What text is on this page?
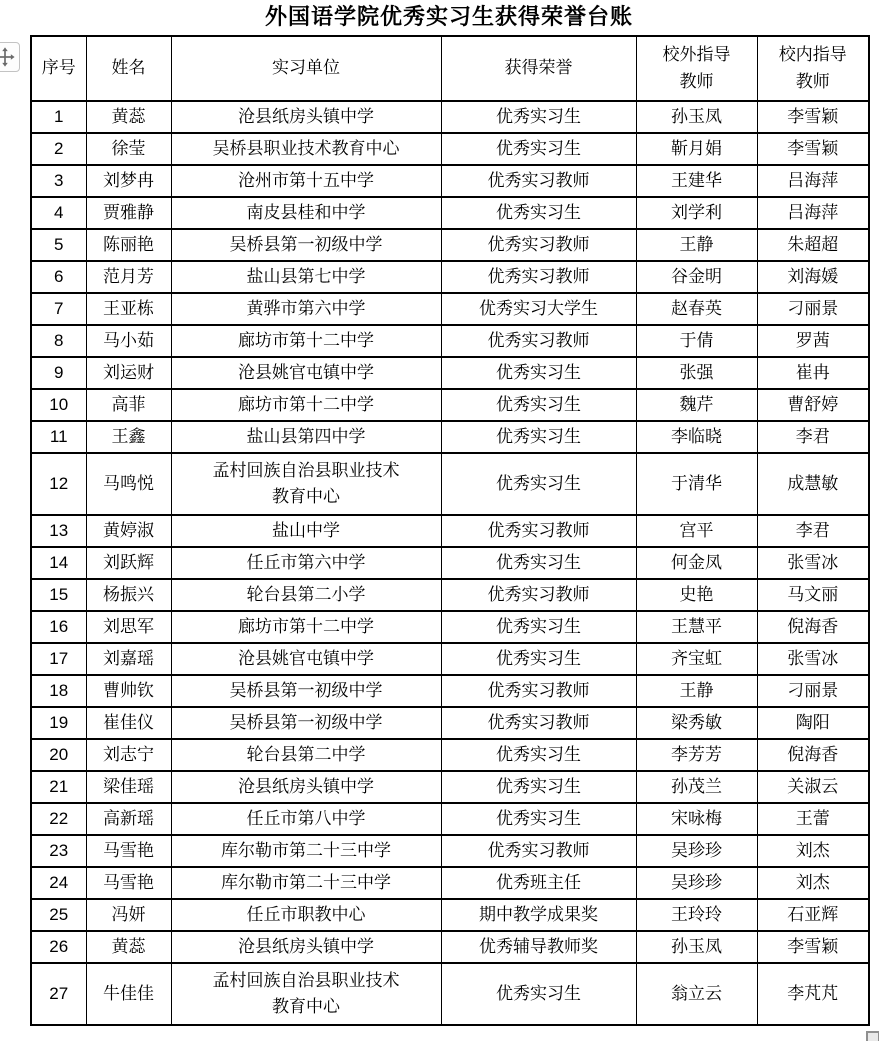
外国语学院优秀实习生获得荣誉台账
序号	姓名	实习单位	获得荣誉	校外指导教师	校内指导教师
1	黄蕊	沧县纸房头镇中学	优秀实习生	孙玉凤	李雪颖
2	徐莹	吴桥县职业技术教育中心	优秀实习生	靳月娟	李雪颖
3	刘梦冉	沧州市第十五中学	优秀实习教师	王建华	吕海萍
4	贾雅静	南皮县桂和中学	优秀实习生	刘学利	吕海萍
5	陈丽艳	吴桥县第一初级中学	优秀实习教师	王静	朱超超
6	范月芳	盐山县第七中学	优秀实习教师	谷金明	刘海媛
7	王亚栋	黄骅市第六中学	优秀实习大学生	赵春英	刁丽景
8	马小茹	廊坊市第十二中学	优秀实习教师	于倩	罗茜
9	刘运财	沧县姚官屯镇中学	优秀实习生	张强	崔冉
10	高菲	廊坊市第十二中学	优秀实习生	魏芹	曹舒婷
11	王鑫	盐山县第四中学	优秀实习生	李临晓	李君
12	马鸣悦	孟村回族自治县职业技术教育中心	优秀实习生	于清华	成慧敏
13	黄婷淑	盐山中学	优秀实习教师	宫平	李君
14	刘跃辉	任丘市第六中学	优秀实习生	何金凤	张雪冰
15	杨振兴	轮台县第二小学	优秀实习教师	史艳	马文丽
16	刘思军	廊坊市第十二中学	优秀实习生	王慧平	倪海香
17	刘嘉瑶	沧县姚官屯镇中学	优秀实习生	齐宝虹	张雪冰
18	曹帅钦	吴桥县第一初级中学	优秀实习教师	王静	刁丽景
19	崔佳仪	吴桥县第一初级中学	优秀实习教师	梁秀敏	陶阳
20	刘志宁	轮台县第二中学	优秀实习生	李芳芳	倪海香
21	梁佳瑶	沧县纸房头镇中学	优秀实习生	孙茂兰	关淑云
22	高新瑶	任丘市第八中学	优秀实习生	宋咏梅	王蕾
23	马雪艳	库尔勒市第二十三中学	优秀实习教师	吴珍珍	刘杰
24	马雪艳	库尔勒市第二十三中学	优秀班主任	吴珍珍	刘杰
25	冯妍	任丘市职教中心	期中教学成果奖	王玲玲	石亚辉
26	黄蕊	沧县纸房头镇中学	优秀辅导教师奖	孙玉凤	李雪颖
27	牛佳佳	孟村回族自治县职业技术教育中心	优秀实习生	翁立云	李芃芃
